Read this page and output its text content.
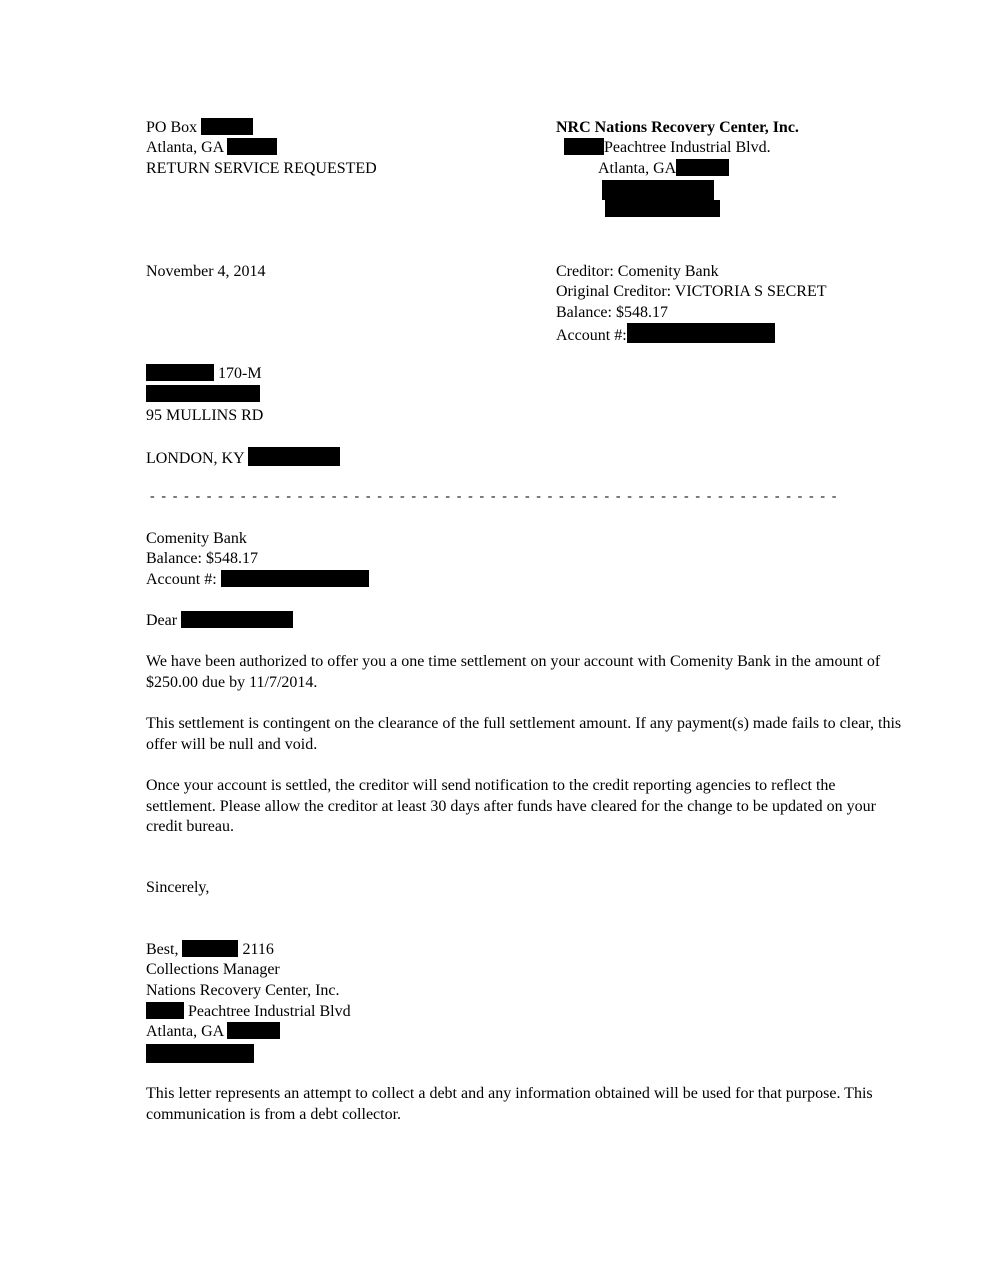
PO Box
Atlanta, GA
RETURN SERVICE REQUESTED
NRC Nations Recovery Center, Inc.
Peachtree Industrial Blvd.
Atlanta, GA
November 4, 2014	Creditor: Comenity Bank
Original Creditor: VICTORIA S SECRET
Balance: $548.17
Account #:
170-M
95 MULLINS RD
LONDON, KY
- - - - - - - - - - - - - - - - - - - - - - - - - - - - - - - - - - - - - - - - - - - - - - - - - - - - - - - - - - - - -
Comenity Bank
Balance: $548.17
Account #:
Dear
We have been authorized to offer you a one time settlement on your account with Comenity Bank in the amount of $250.00 due by 11/7/2014.
This settlement is contingent on the clearance of the full settlement amount. If any payment(s) made fails to clear, this offer will be null and void.
Once your account is settled, the creditor will send notification to the credit reporting agencies to reflect the settlement. Please allow the creditor at least 30 days after funds have cleared for the change to be updated on your credit bureau.
Sincerely,
Best,	2116
Collections Manager
Nations Recovery Center, Inc.
Peachtree Industrial Blvd
Atlanta, GA
This letter represents an attempt to collect a debt and any information obtained will be used for that purpose. This communication is from a debt collector.
